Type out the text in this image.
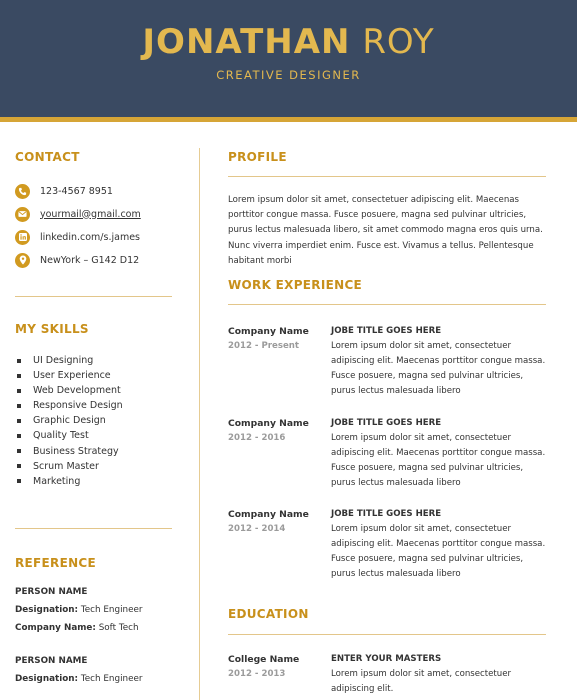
JONATHAN ROY
CREATIVE DESIGNER
CONTACT
123-4567 8951
yourmail@gmail.com
linkedin.com/s.james
NewYork – G142 D12
MY SKILLS
UI Designing
User Experience
Web Development
Responsive Design
Graphic Design
Quality Test
Business Strategy
Scrum Master
Marketing
REFERENCE
PERSON NAME
Designation: Tech Engineer
Company Name: Soft Tech
PERSON NAME
Designation: Tech Engineer
PROFILE
Lorem ipsum dolor sit amet, consectetuer adipiscing elit. Maecenas porttitor congue massa. Fusce posuere, magna sed pulvinar ultricies, purus lectus malesuada libero, sit amet commodo magna eros quis urna. Nunc viverra imperdiet enim. Fusce est. Vivamus a tellus. Pellentesque habitant morbi
WORK EXPERIENCE
Company Name
2012 - Present
JOBE TITLE GOES HERE
Lorem ipsum dolor sit amet, consectetuer adipiscing elit. Maecenas porttitor congue massa. Fusce posuere, magna sed pulvinar ultricies, purus lectus malesuada libero
Company Name
2012 - 2016
JOBE TITLE GOES HERE
Lorem ipsum dolor sit amet, consectetuer adipiscing elit. Maecenas porttitor congue massa. Fusce posuere, magna sed pulvinar ultricies, purus lectus malesuada libero
Company Name
2012 - 2014
JOBE TITLE GOES HERE
Lorem ipsum dolor sit amet, consectetuer adipiscing elit. Maecenas porttitor congue massa. Fusce posuere, magna sed pulvinar ultricies, purus lectus malesuada libero
EDUCATION
College Name
2012 - 2013
ENTER YOUR MASTERS
Lorem ipsum dolor sit amet, consectetuer adipiscing elit.
